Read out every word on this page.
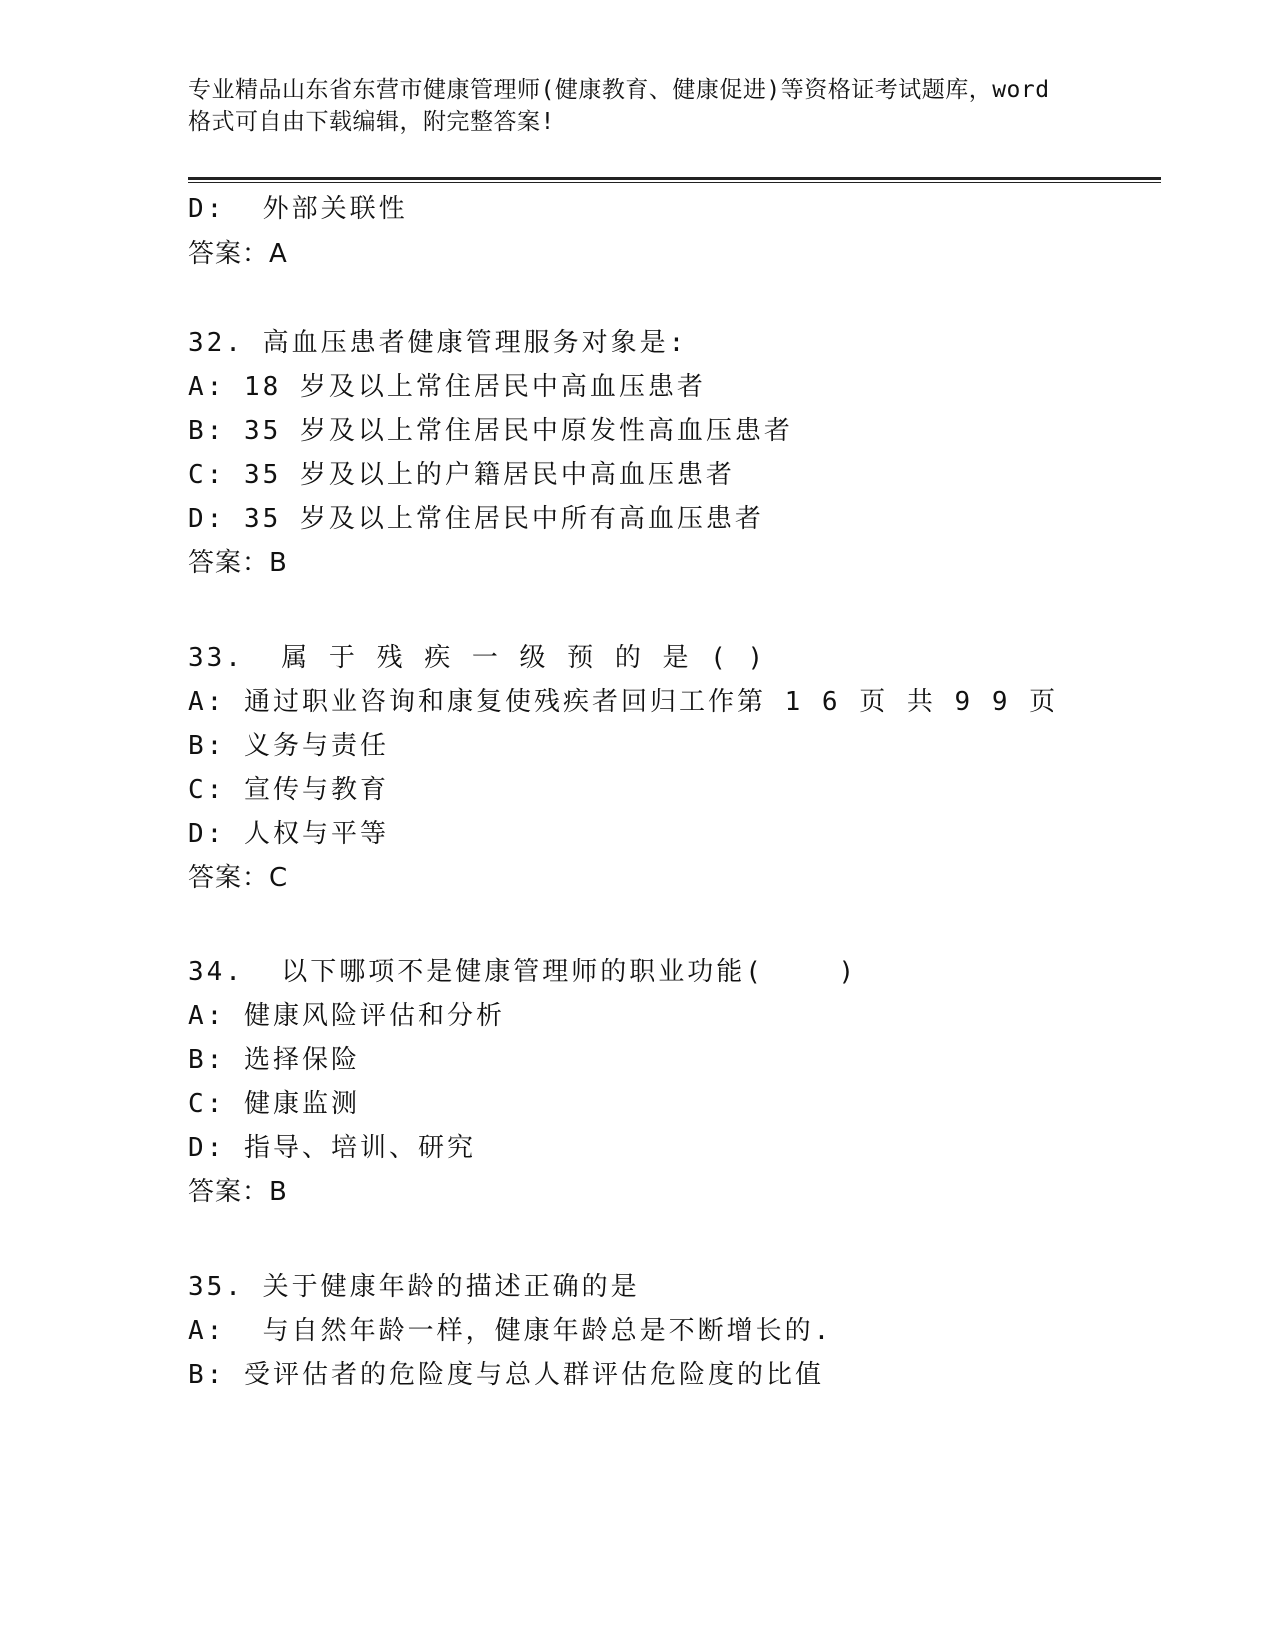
专业精品山东省东营市健康管理师(健康教育、健康促进)等资格证考试题库，word
格式可自由下载编辑，附完整答案!
D:  外部关联性
答案：A
32. 高血压患者健康管理服务对象是:
A: 18 岁及以上常住居民中高血压患者
B: 35 岁及以上常住居民中原发性高血压患者
C: 35 岁及以上的户籍居民中高血压患者
D: 35 岁及以上常住居民中所有高血压患者
答案：B
33.  属 于 残 疾 一 级 预 的 是 ( )
A: 通过职业咨询和康复使残疾者回归工作第 1 6 页 共 9 9 页
B: 义务与责任
C: 宣传与教育
D: 人权与平等
答案：C
34.  以下哪项不是健康管理师的职业功能(    )
A: 健康风险评估和分析
B: 选择保险
C: 健康监测
D: 指导、培训、研究
答案：B
35. 关于健康年龄的描述正确的是
A:  与自然年龄一样，健康年龄总是不断增长的.
B: 受评估者的危险度与总人群评估危险度的比值
